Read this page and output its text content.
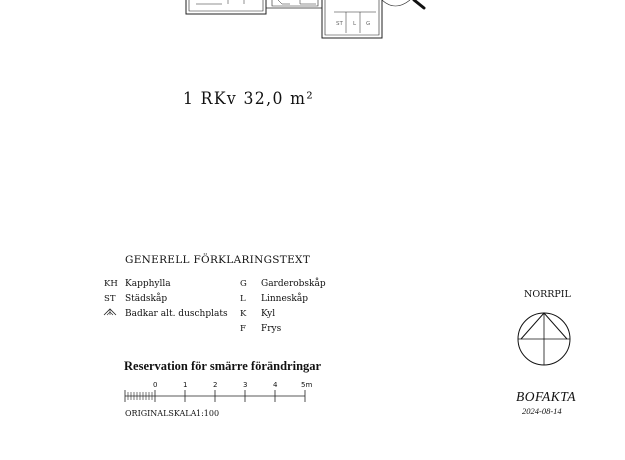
ST L G
1 RKv 32,0 m²
GENERELL FÖRKLARINGSTEXT
KH Kapphylla
ST Städskåp
Badkar alt. duschplats
G Garderobskåp
L Linneskåp
K Kyl
F Frys
Reservation för smärre förändringar
0	1	2	3	4	5m
ORIGINALSKALA 1:100
NORRPIL
BOFAKTA
2024-08-14
